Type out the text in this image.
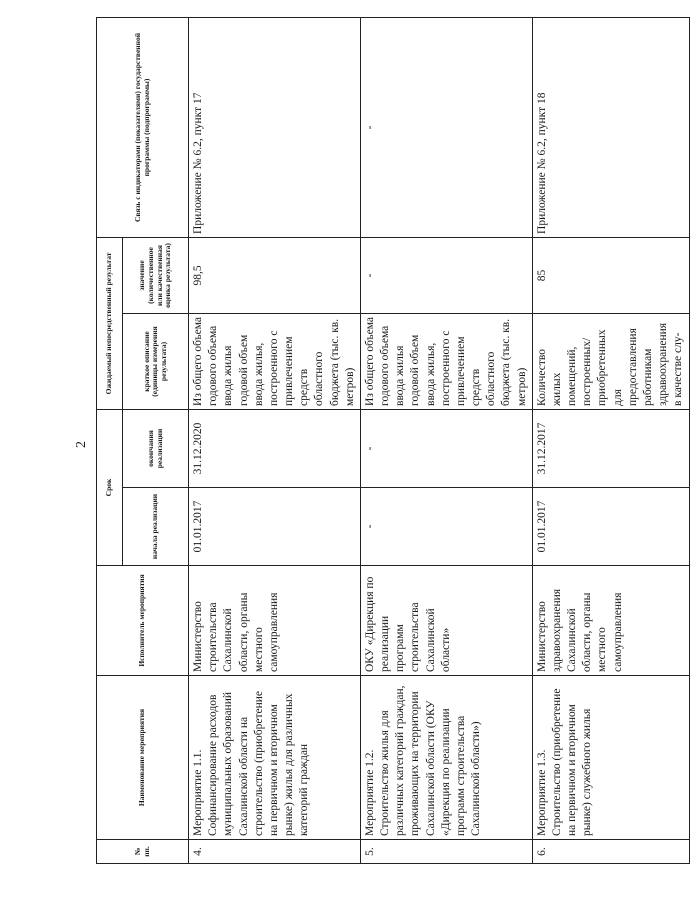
2
№ пп.	Наименование мероприятия	Исполнитель мероприятия	Срок		Ожидаемый непосредственный результат		Связь с индикаторами (показателями) государственной программы (подпрограммы)
			начала реализации	окончания реализации	краткое описание (единицы измерения результата)	значение (количественное или качественная оценка результата)	
4.	Мероприятие 1.1. Софинансирование расходов муниципальных образований Сахалинской области на строительство (приобретение на первичном и вторичном рынке) жилья для различных категорий граждан	Министерство строительства Сахалинской области, органы местного самоуправления	01.01.2017	31.12.2020	Из общего объема годового объема ввода жилья годовой объем ввода жилья, построенного с привлечением средств областного бюджета (тыс. кв. метров)	98,5	Приложение № 6.2, пункт 17
5.	Мероприятие 1.2. Строительство жилья для различных категорий граждан, проживающих на территории Сахалинской области (ОКУ «Дирекция по реализации программ строительства Сахалинской области»)	ОКУ «Дирекция по реализации программ строительства Сахалинской области»	-	-	Из общего объема годового объема ввода жилья годовой объем ввода жилья, построенного с привлечением средств областного бюджета (тыс. кв. метров)	-	-
6.	Мероприятие 1.3. Строительство (приобретение на первичном и вторичном рынке) служебного жилья	Министерство здравоохранения Сахалинской области, органы местного самоуправления	01.01.2017	31.12.2017	Количество жилых помещений, построенных/приобретенных для предоставления работникам здравоохранения в качестве слу-	85	Приложение № 6.2, пункт 18
